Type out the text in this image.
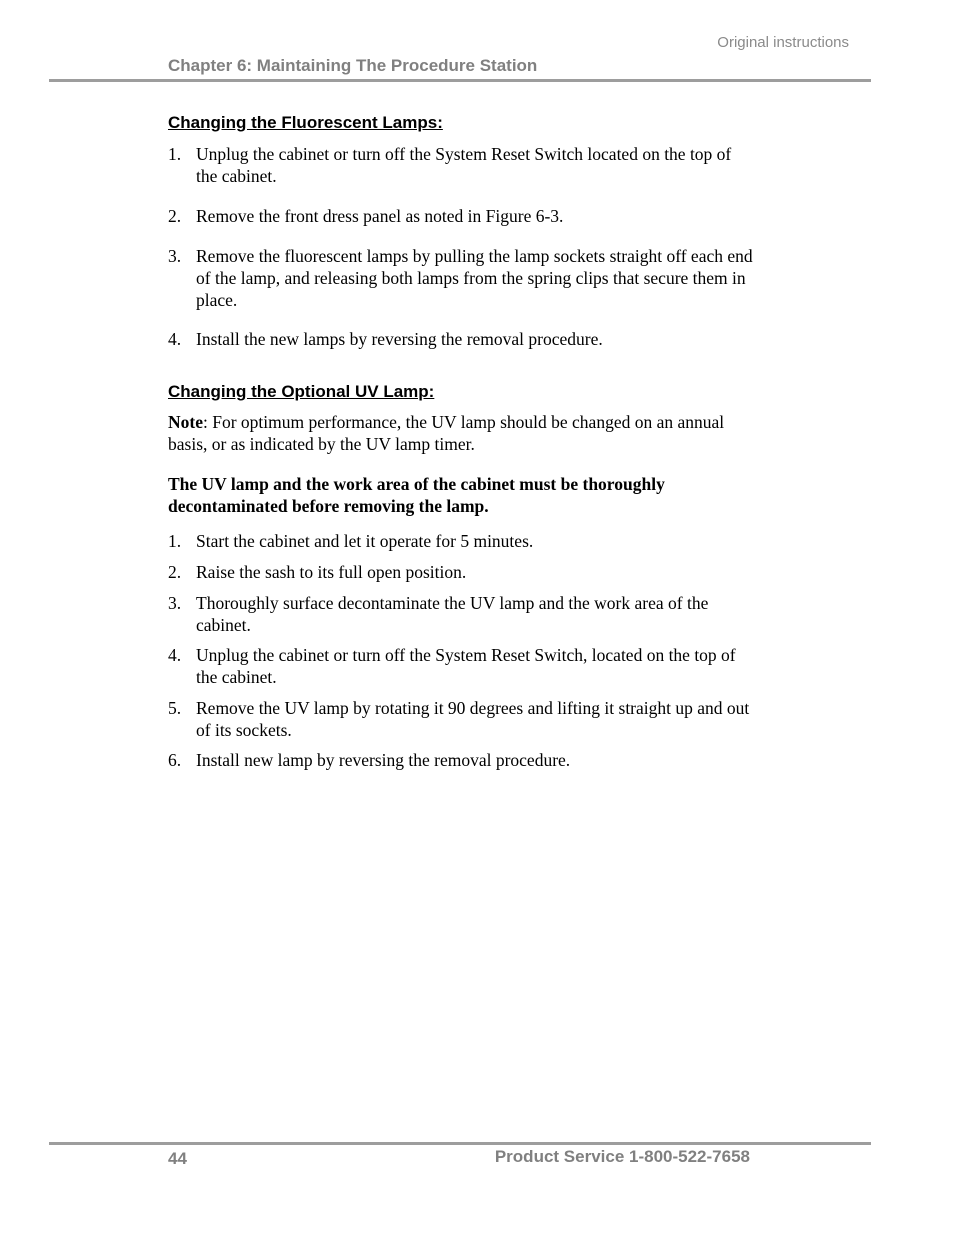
Original instructions
Chapter 6: Maintaining The Procedure Station
Changing the Fluorescent Lamps:
1. Unplug the cabinet or turn off the System Reset Switch located on the top of the cabinet.
2. Remove the front dress panel as noted in Figure 6-3.
3. Remove the fluorescent lamps by pulling the lamp sockets straight off each end of the lamp, and releasing both lamps from the spring clips that secure them in place.
4. Install the new lamps by reversing the removal procedure.
Changing the Optional UV Lamp:
Note: For optimum performance, the UV lamp should be changed on an annual basis, or as indicated by the UV lamp timer.
The UV lamp and the work area of the cabinet must be thoroughly decontaminated before removing the lamp.
1. Start the cabinet and let it operate for 5 minutes.
2. Raise the sash to its full open position.
3. Thoroughly surface decontaminate the UV lamp and the work area of the cabinet.
4. Unplug the cabinet or turn off the System Reset Switch, located on the top of the cabinet.
5. Remove the UV lamp by rotating it 90 degrees and lifting it straight up and out of its sockets.
6. Install new lamp by reversing the removal procedure.
44	Product Service 1-800-522-7658
